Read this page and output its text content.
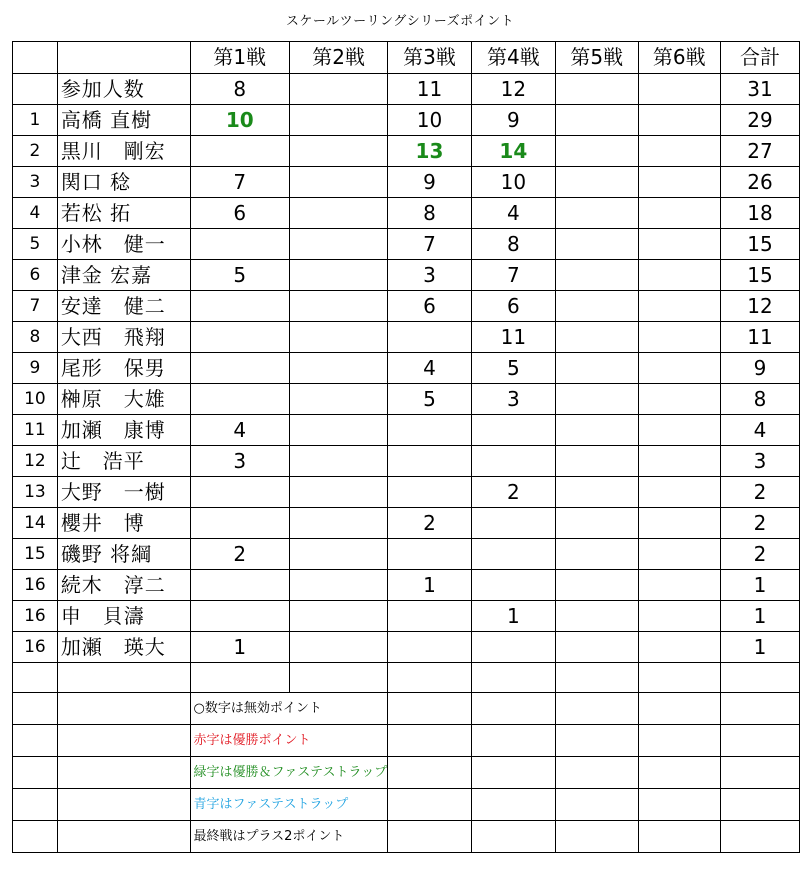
スケールツーリングシリーズポイント
		第1戦	第2戦	第3戦	第4戦	第5戦	第6戦	合計
	参加人数	8		11	12			31
1	高橋 直樹	10		10	9			29
2	黒川　剛宏			13	14			27
3	関口 稔	7		9	10			26
4	若松 拓	6		8	4			18
5	小林　健一			7	8			15
6	津金 宏嘉	5		3	7			15
7	安達　健二			6	6			12
8	大西　飛翔				11			11
9	尾形　保男			4	5			9
10	榊原　大雄			5	3			8
11	加瀬　康博	4						4
12	辻　浩平	3						3
13	大野　一樹				2			2
14	櫻井　博			2				2
15	磯野 将綱	2						2
16	続木　淳二			1				1
16	申　貝濤				1			1
16	加瀬　瑛大	1						1

		○数字は無効ポイント						
		赤字は優勝ポイント						
		緑字は優勝＆ファステストラップ						
		青字はファステストラップ						
		最終戦はプラス2ポイント						
